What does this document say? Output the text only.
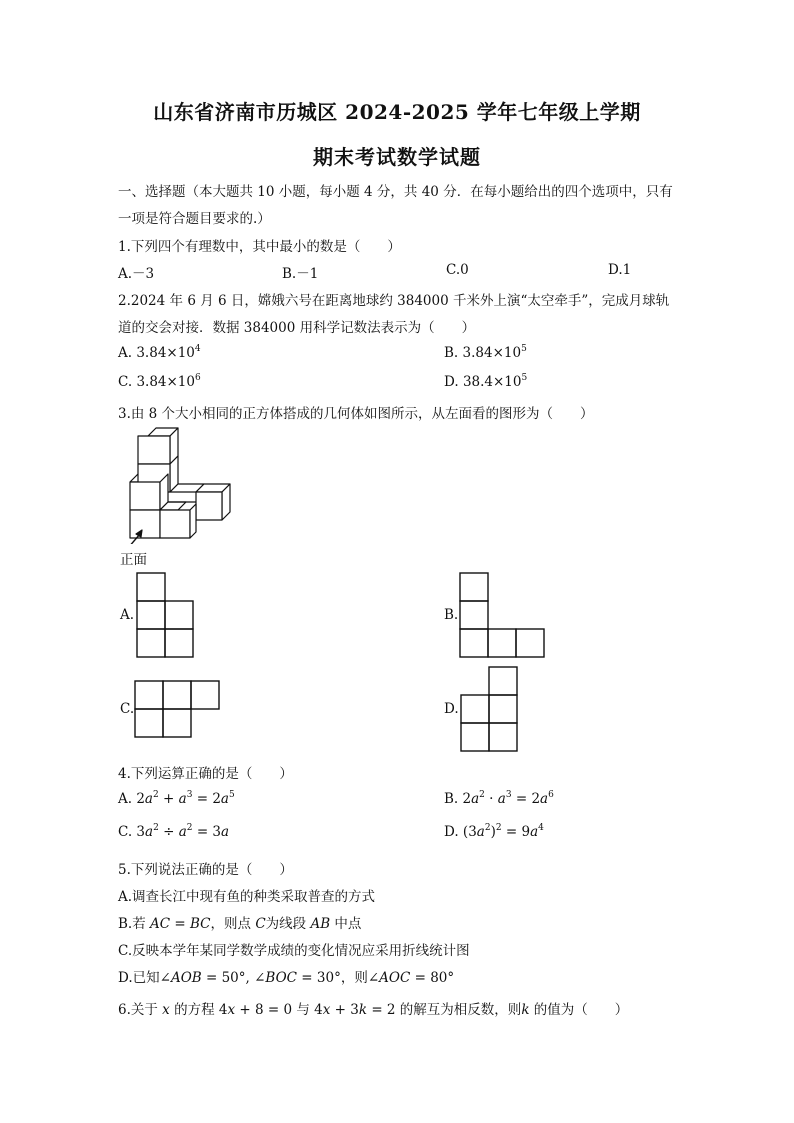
山东省济南市历城区 2024-2025 学年七年级上学期
期末考试数学试题
一、选择题（本大题共 10 小题，每小题 4 分，共 40 分．在每小题给出的四个选项中，只有
一项是符合题目要求的.）
1.下列四个有理数中，其中最小的数是（　　）
A.－3	B.－1	C.0	D.1
2.2024 年 6 月 6 日，嫦娥六号在距离地球约 384000 千米外上演“太空牵手”，完成月球轨
道的交会对接．数据 384000 用科学记数法表示为（　　）
A. $3.84\times 10^4$	B. $3.84\times 10^5$
C. $3.84\times 10^6$	D. $38.4\times 10^5$
3.由 8 个大小相同的正方体搭成的几何体如图所示，从左面看的图形为（　　）
正面
A.	B.
C.	D.
4.下列运算正确的是（　　）
A. $2a^2 + a^3 = 2a^5$	B. $2a^2 \cdot a^3 = 2a^6$
C. $3a^2 \div a^2 = 3a$	D. $(3a^2)^2 = 9a^4$
5.下列说法正确的是（　　）
A.调查长江中现有鱼的种类采取普查的方式
B.若 AC = BC，则点 C为线段 AB 中点
C.反映本学年某同学数学成绩的变化情况应采用折线统计图
D.已知∠AOB = 50°, ∠BOC = 30°，则∠AOC = 80°
6.关于 x 的方程 4x + 8 = 0 与 4x + 3k = 2 的解互为相反数，则k 的值为（　　）
